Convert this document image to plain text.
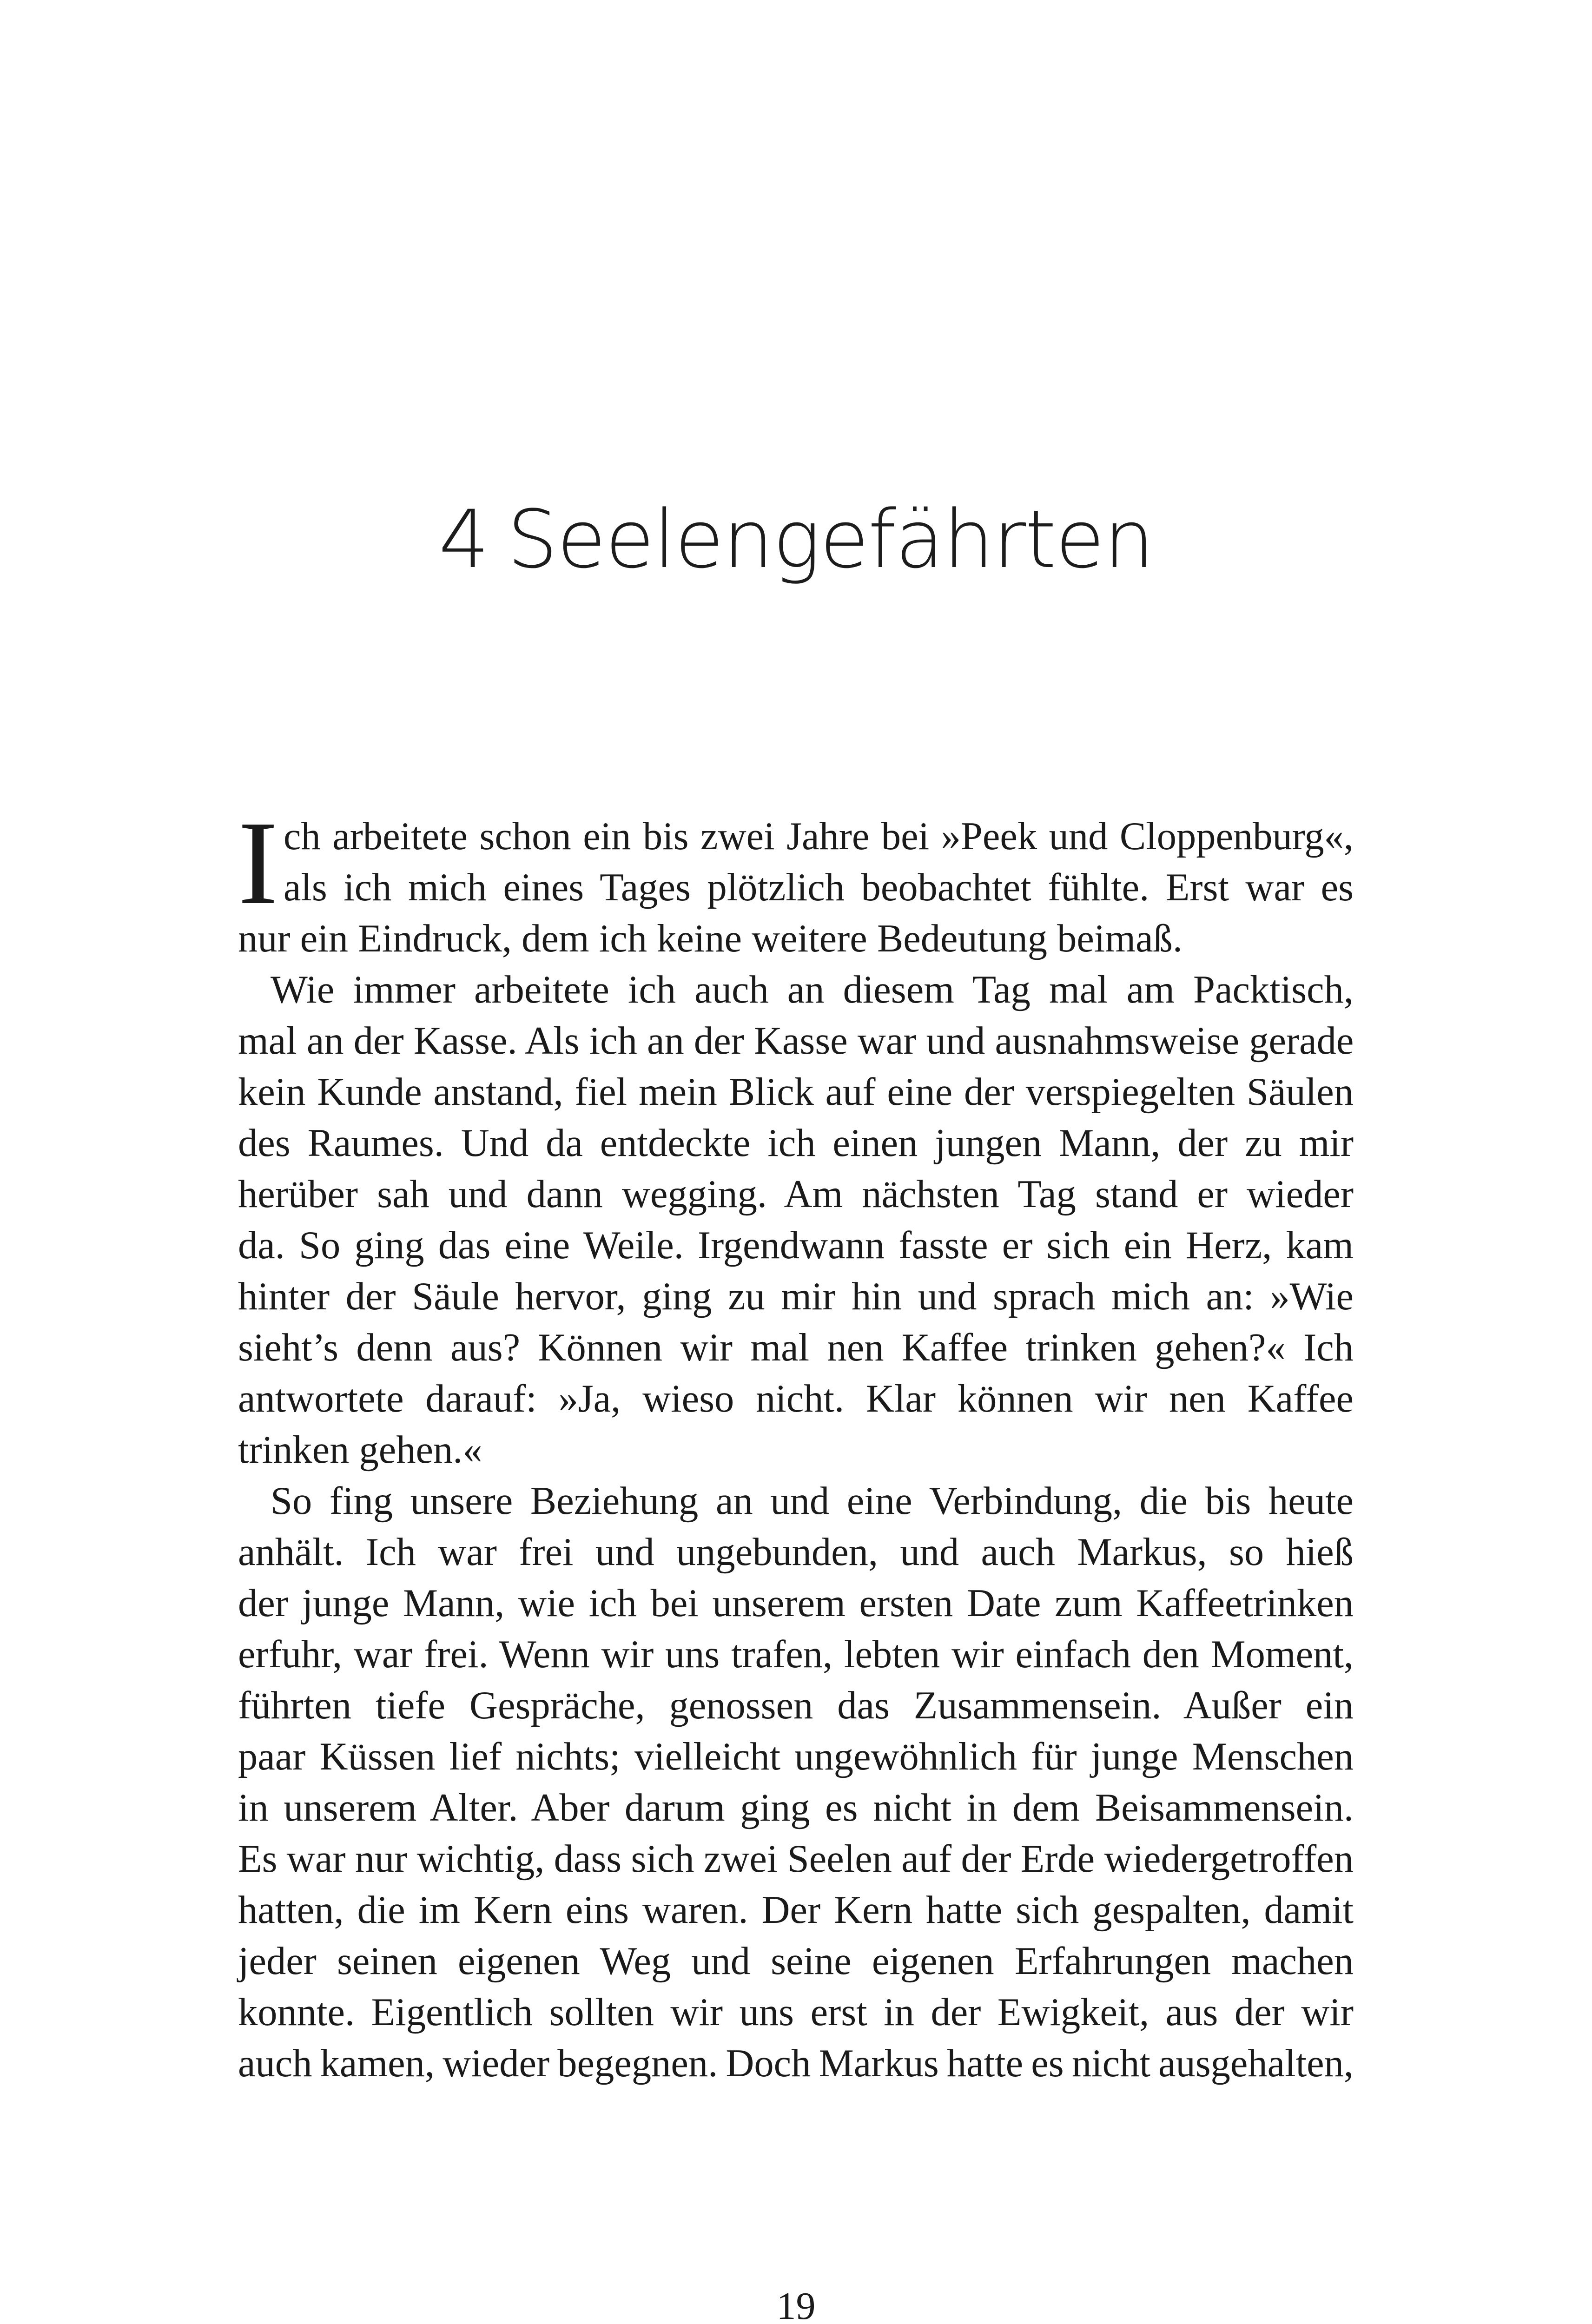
4 Seelengefährten
I ch arbeitete schon ein bis zwei Jahre bei »Peek und Cloppenburg«,
als ich mich eines Tages plötzlich beobachtet fühlte. Erst war es
nur ein Eindruck, dem ich keine weitere Bedeutung beimaß.
Wie immer arbeitete ich auch an diesem Tag mal am Packtisch,
mal an der Kasse. Als ich an der Kasse war und ausnahmsweise gerade
kein Kunde anstand, fiel mein Blick auf eine der verspiegelten Säulen
des Raumes. Und da entdeckte ich einen jungen Mann, der zu mir
herüber sah und dann wegging. Am nächsten Tag stand er wieder
da. So ging das eine Weile. Irgendwann fasste er sich ein Herz, kam
hinter der Säule hervor, ging zu mir hin und sprach mich an: »Wie
sieht’s denn aus? Können wir mal nen Kaffee trinken gehen?« Ich
antwortete darauf: »Ja, wieso nicht. Klar können wir nen Kaffee
trinken gehen.«
So fing unsere Beziehung an und eine Verbindung, die bis heute
anhält. Ich war frei und ungebunden, und auch Markus, so hieß
der junge Mann, wie ich bei unserem ersten Date zum Kaffeetrinken
erfuhr, war frei. Wenn wir uns trafen, lebten wir einfach den Moment,
führten tiefe Gespräche, genossen das Zusammensein. Außer ein
paar Küssen lief nichts; vielleicht ungewöhnlich für junge Menschen
in unserem Alter. Aber darum ging es nicht in dem Beisammensein.
Es war nur wichtig, dass sich zwei Seelen auf der Erde wiedergetroffen
hatten, die im Kern eins waren. Der Kern hatte sich gespalten, damit
jeder seinen eigenen Weg und seine eigenen Erfahrungen machen
konnte. Eigentlich sollten wir uns erst in der Ewigkeit, aus der wir
auch kamen, wieder begegnen. Doch Markus hatte es nicht ausgehalten,
19
